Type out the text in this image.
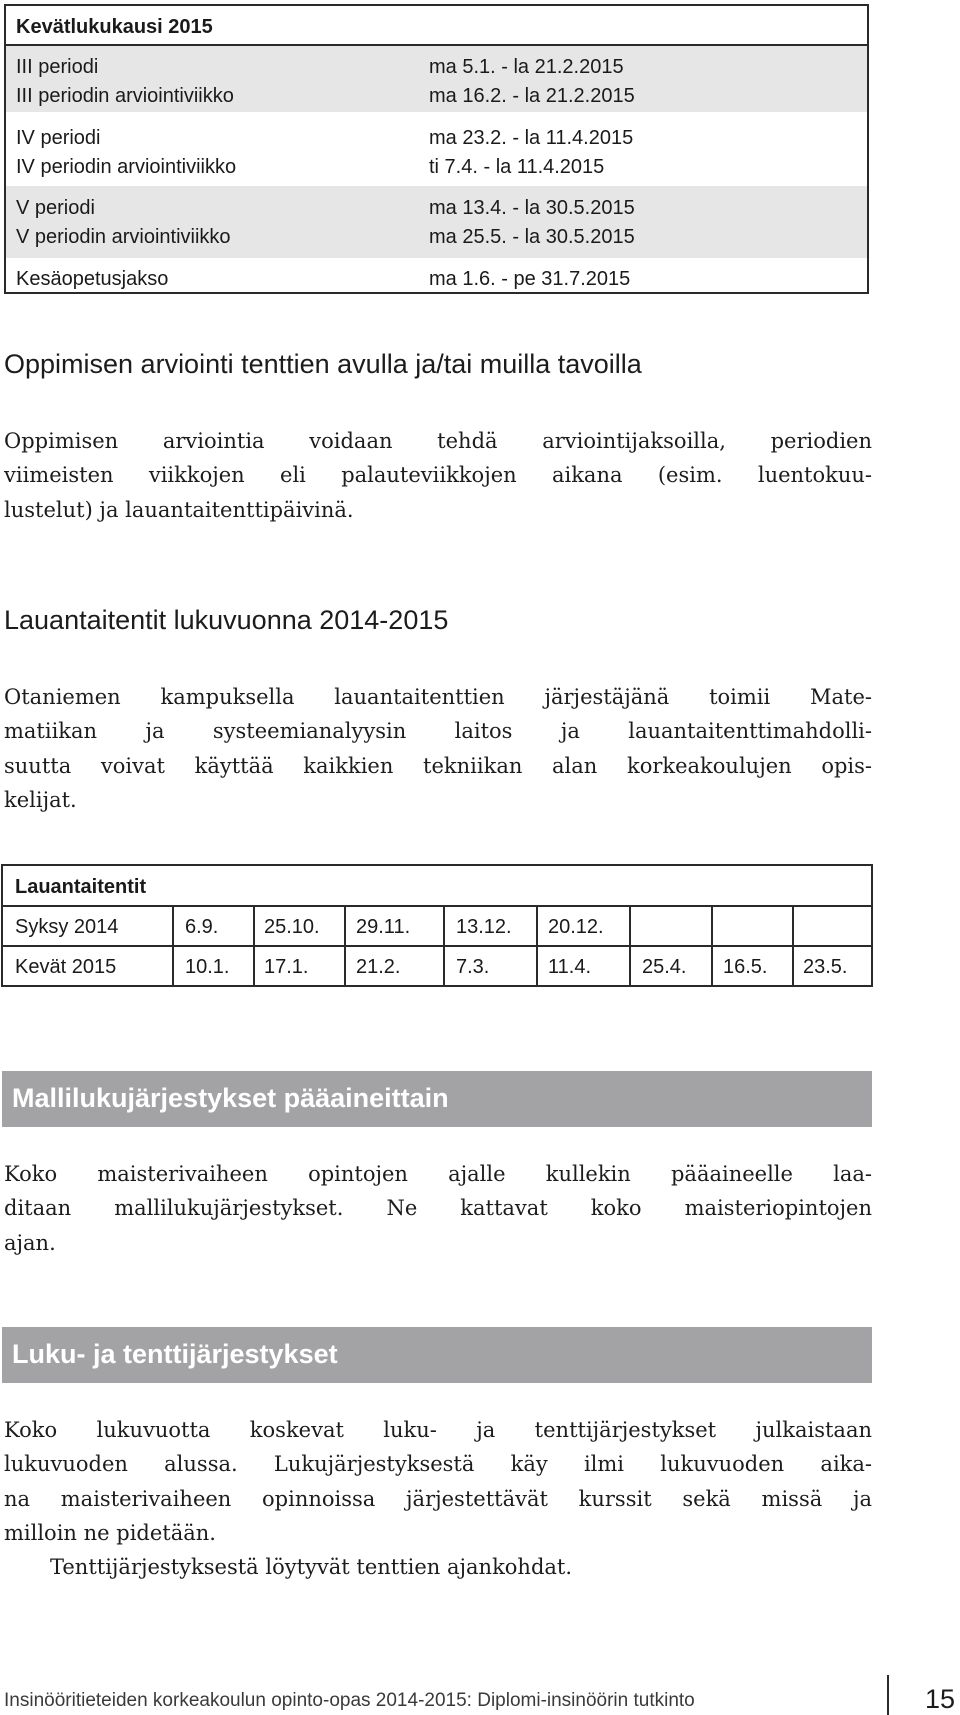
Kevätlukukausi 2015
III periodi	ma 5.1. - la 21.2.2015
III periodin arviointiviikko	ma 16.2. - la 21.2.2015
IV periodi	ma 23.2. - la 11.4.2015
IV periodin arviointiviikko	ti 7.4. - la 11.4.2015
V periodi	ma 13.4. - la 30.5.2015
V periodin arviointiviikko	ma 25.5. - la 30.5.2015
Kesäopetusjakso	ma 1.6. - pe 31.7.2015
Oppimisen arviointi tenttien avulla ja/tai muilla tavoilla
Oppimisen arviointia voidaan tehdä arviointijaksoilla, periodien
viimeisten viikkojen eli palauteviikkojen aikana (esim. luentokuu-
lustelut) ja lauantaitenttipäivinä.
Lauantaitentit lukuvuonna 2014-2015
Otaniemen kampuksella lauantaitenttien järjestäjänä toimii Mate-
matiikan ja systeemianalyysin laitos ja lauantaitenttimahdolli-
suutta voivat käyttää kaikkien tekniikan alan korkeakoulujen opis-
kelijat.
Lauantaitentit
Syksy 2014	6.9. 25.10. 29.11. 13.12. 20.12.
Kevät 2015	10.1. 17.1. 21.2.	7.3.	11.4.	25.4. 16.5. 23.5.
Mallilukujärjestykset pääaineittain
Koko maisterivaiheen opintojen ajalle kullekin pääaineelle laa-
ditaan mallilukujärjestykset. Ne kattavat koko maisteriopintojen
ajan.
Luku- ja tenttijärjestykset
Koko lukuvuotta koskevat luku- ja tenttijärjestykset julkaistaan
lukuvuoden alussa. Lukujärjestyksestä käy ilmi lukuvuoden aika-
na maisterivaiheen opinnoissa järjestettävät kurssit sekä missä ja
milloin ne pidetään.
Tenttijärjestyksestä löytyvät tenttien ajankohdat.
Insinööritieteiden korkeakoulun opinto-opas 2014-2015: Diplomi-insinöörin tutkinto	15
